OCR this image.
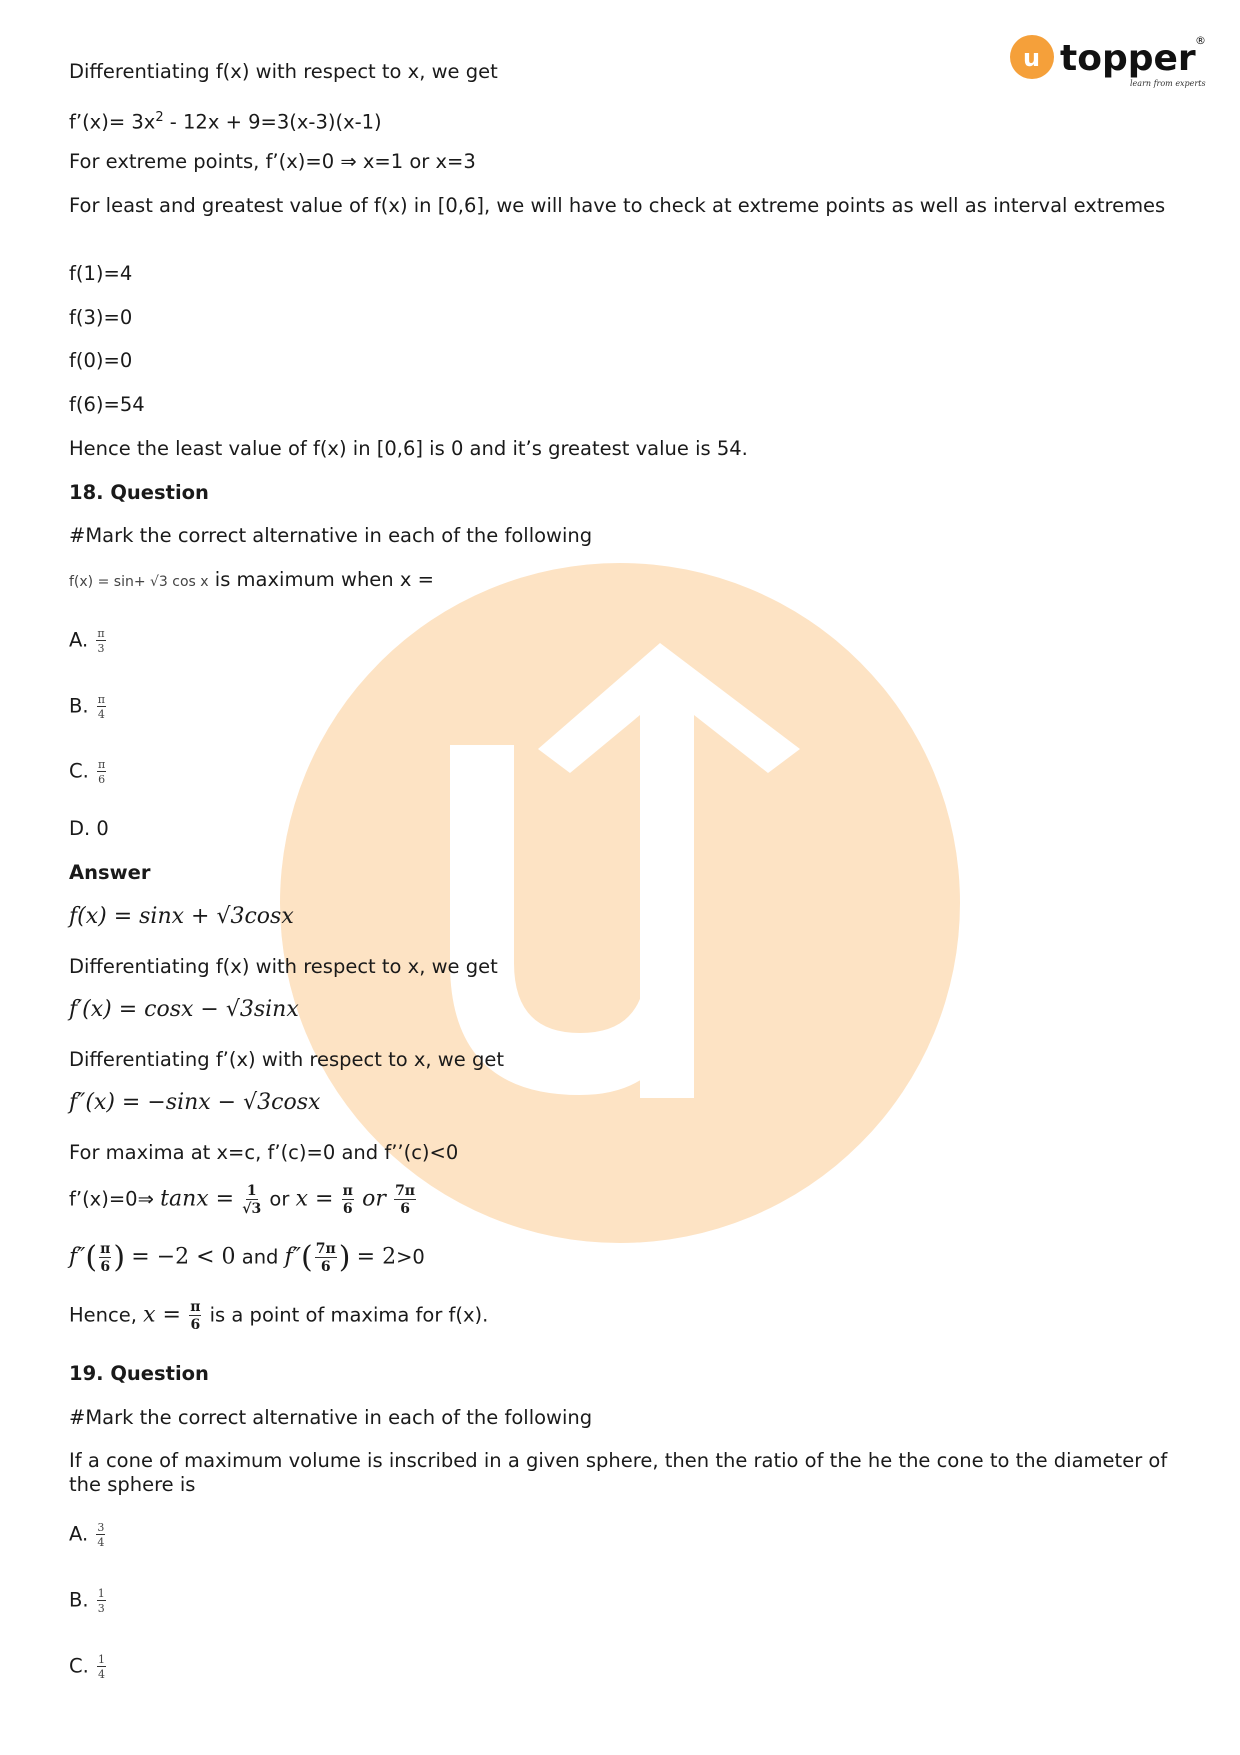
u topper ®
learn from experts
Differentiating f(x) with respect to x, we get
f’(x)= $3x^2 - 12x + 9=3(x-3)(x-1)$
For extreme points, f’(x)=0 ⇒ x=1 or x=3
For least and greatest value of f(x) in [0,6], we will have to check at extreme points as well as interval extremes
f(1)=4
f(3)=0
f(0)=0
f(6)=54
Hence the least value of f(x) in [0,6] is 0 and it’s greatest value is 54.
18. Question
#Mark the correct alternative in each of the following
f(x) = sin+ √3 cos x is maximum when x =
A. $\frac{\pi}{3}$
B. $\frac{\pi}{4}$
C. $\frac{\pi}{6}$
D. 0
Answer
f(x) = sinx + √3cosx
Differentiating f(x) with respect to x, we get
f′(x) = cosx − √3sinx
Differentiating f’(x) with respect to x, we get
f″(x) = −sinx − √3cosx
For maxima at x=c, f’(c)=0 and f’’(c)<0
f’(x)=0⇒ $\tan x = \frac{1}{√3}$ or $x = \frac{\pi}{6}$ or $\frac{7\pi}{6}$
$f''( \frac{\pi}{6}$ ) = −2 < 0 and $f''( \frac{7\pi}{6}$ ) = 2>0
Hence, $x = \frac{\pi}{6}$ is a point of maxima for f(x).
19. Question
#Mark the correct alternative in each of the following
If a cone of maximum volume is inscribed in a given sphere, then the ratio of the he the cone to the diameter of the sphere is
A. $\frac{3}{4}$
B. $\frac{1}{3}$
C. $\frac{1}{4}$
